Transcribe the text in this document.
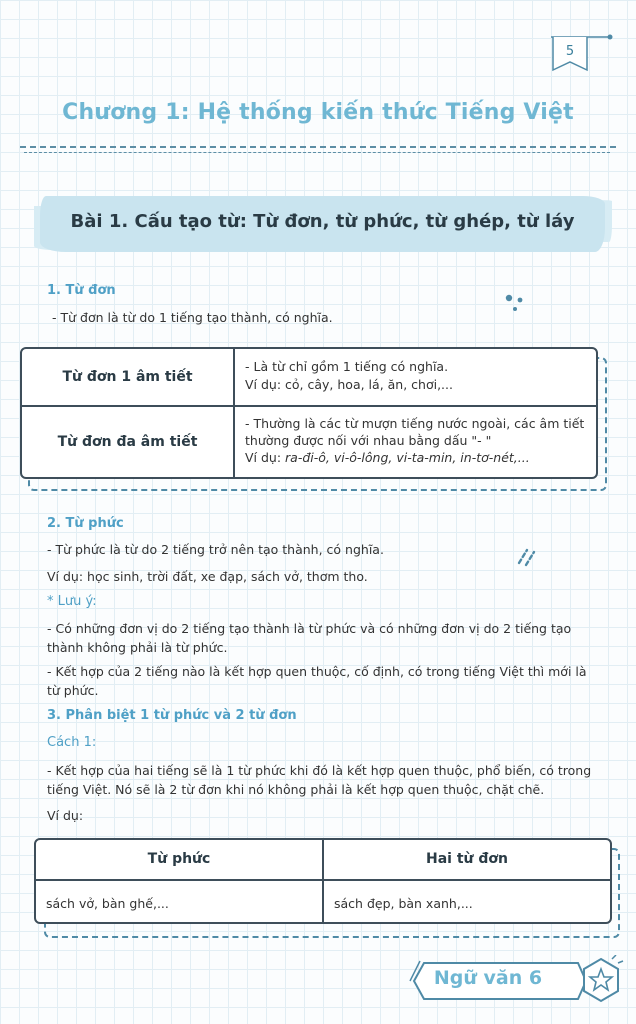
5
Chương 1: Hệ thống kiến thức Tiếng Việt
Bài 1. Cấu tạo từ: Từ đơn, từ phức, từ ghép, từ láy
1. Từ đơn
- Từ đơn là từ do 1 tiếng tạo thành, có nghĩa.
Từ đơn 1 âm tiết
- Là từ chỉ gồm 1 tiếng có nghĩa.
Ví dụ: cỏ, cây, hoa, lá, ăn, chơi,...
Từ đơn đa âm tiết
- Thường là các từ mượn tiếng nước ngoài, các âm tiết
thường được nối với nhau bằng dấu "- "
Ví dụ: ra-đi-ô, vi-ô-lông, vi-ta-min, in-tơ-nét,...
2. Từ phức
- Từ phức là từ do 2 tiếng trở nên tạo thành, có nghĩa.
Ví dụ: học sinh, trời đất, xe đạp, sách vở, thơm tho.
* Lưu ý:
- Có những đơn vị do 2 tiếng tạo thành là từ phức và có những đơn vị do 2 tiếng tạo
thành không phải là từ phức.
- Kết hợp của 2 tiếng nào là kết hợp quen thuộc, cố định, có trong tiếng Việt thì mới là
từ phức.
3. Phân biệt 1 từ phức và 2 từ đơn
Cách 1:
- Kết hợp của hai tiếng sẽ là 1 từ phức khi đó là kết hợp quen thuộc, phổ biến, có trong
tiếng Việt. Nó sẽ là 2 từ đơn khi nó không phải là kết hợp quen thuộc, chặt chẽ.
Ví dụ:
Từ phức	Hai từ đơn
sách vở, bàn ghế,...	sách đẹp, bàn xanh,...
Ngữ văn 6
